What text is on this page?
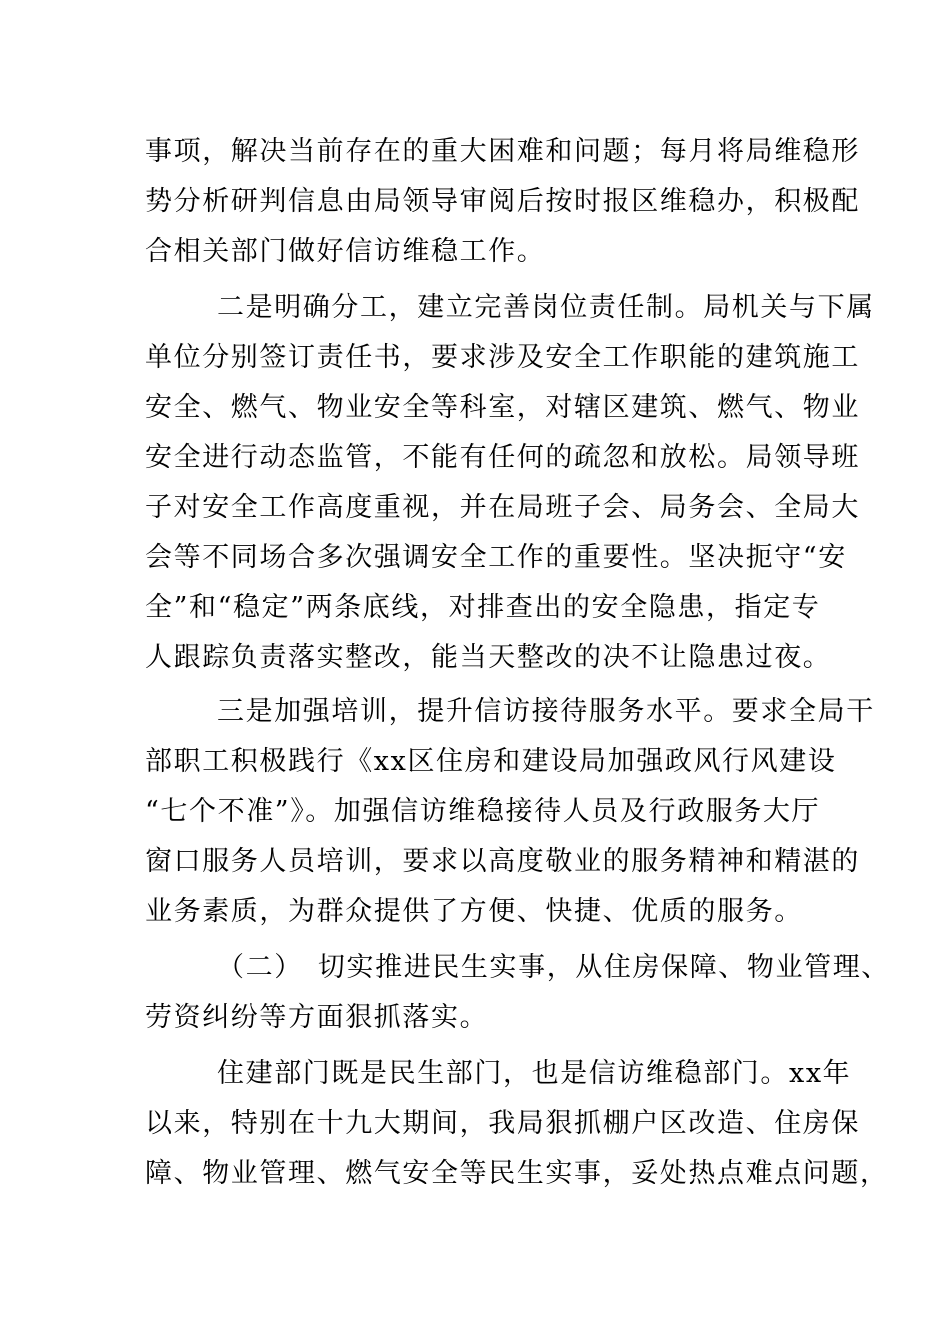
事项，解决当前存在的重大困难和问题；每月将局维稳形
势分析研判信息由局领导审阅后按时报区维稳办，积极配
合相关部门做好信访维稳工作。
二是明确分工，建立完善岗位责任制。局机关与下属
单位分别签订责任书，要求涉及安全工作职能的建筑施工
安全、燃气、物业安全等科室，对辖区建筑、燃气、物业
安全进行动态监管，不能有任何的疏忽和放松。局领导班
子对安全工作高度重视，并在局班子会、局务会、全局大
会等不同场合多次强调安全工作的重要性。坚决扼守“安
全”和“稳定”两条底线，对排查出的安全隐患，指定专
人跟踪负责落实整改，能当天整改的决不让隐患过夜。
三是加强培训，提升信访接待服务水平。要求全局干
部职工积极践行《xx区住房和建设局加强政风行风建设
“七个不准”》。加强信访维稳接待人员及行政服务大厅
窗口服务人员培训，要求以高度敬业的服务精神和精湛的
业务素质，为群众提供了方便、快捷、优质的服务。
（二）　切实推进民生实事，从住房保障、物业管理、
劳资纠纷等方面狠抓落实。
住建部门既是民生部门，也是信访维稳部门。xx年
以来，特别在十九大期间，我局狠抓棚户区改造、住房保
障、物业管理、燃气安全等民生实事，妥处热点难点问题，
